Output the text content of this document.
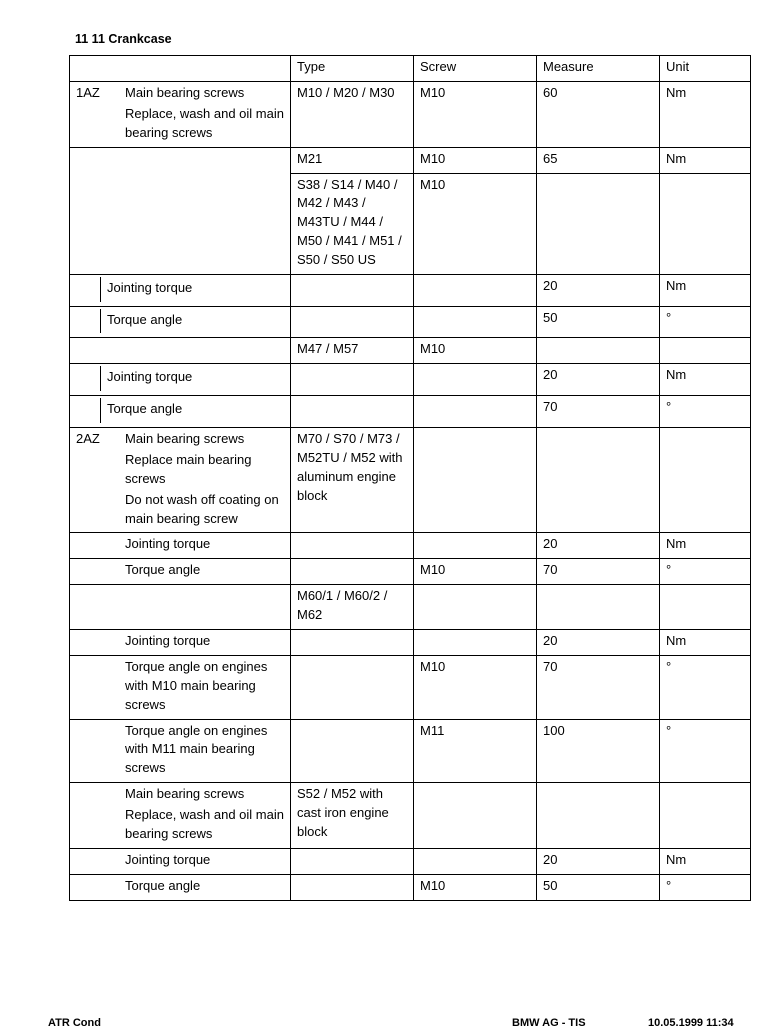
11 11 Crankcase
	Type	Screw	Measure	Unit

1AZ Main bearing screws
Replace, wash and oil main bearing screws	M10 / M20 / M30	M10	60	Nm
	M21	M10	65	Nm
	S38 / S14 / M40 / M42 / M43 / M43TU / M44 / M50 / M41 / M51 / S50 / S50 US	M10		

Jointing torque			20	Nm

Torque angle			50	°
	M47 / M57	M10		

Jointing torque			20	Nm

Torque angle			70	°

2AZ Main bearing screws
Replace main bearing screws
Do not wash off coating on main bearing screw	M70 / S70 / M73 / M52TU / M52 with aluminum engine block			

Jointing torque			20	Nm

Torque angle		M10	70	°
	M60/1 / M60/2 / M62			

Jointing torque			20	Nm

Torque angle on engines with M10 main bearing screws		M10	70	°

Torque angle on engines with M11 main bearing screws		M11	100	°

Main bearing screws
Replace, wash and oil main bearing screws	S52 / M52 with cast iron engine block			

Jointing torque			20	Nm

Torque angle		M10	50	°
ATR Cond	BMW AG - TIS	10.05.1999 11:34
